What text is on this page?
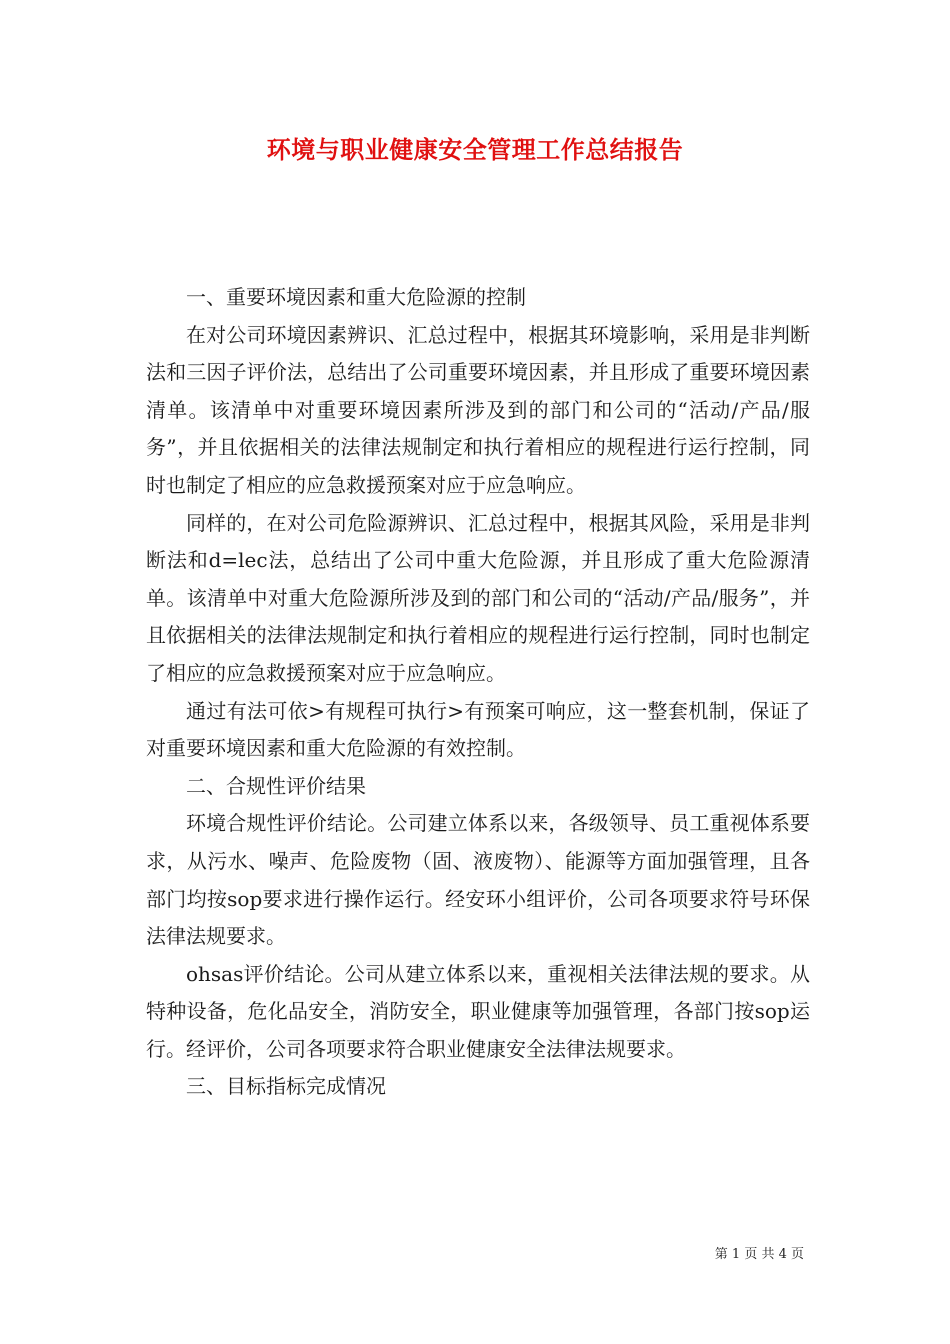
环境与职业健康安全管理工作总结报告

一、重要环境因素和重大危险源的控制

在对公司环境因素辨识、汇总过程中，根据其环境影响，采用是非判断法和三因子评价法，总结出了公司重要环境因素，并且形成了重要环境因素清单。该清单中对重要环境因素所涉及到的部门和公司的“活动/产品/服务”，并且依据相关的法律法规制定和执行着相应的规程进行运行控制，同时也制定了相应的应急救援预案对应于应急响应。

同样的，在对公司危险源辨识、汇总过程中，根据其风险，采用是非判断法和d=lec法，总结出了公司中重大危险源，并且形成了重大危险源清单。该清单中对重大危险源所涉及到的部门和公司的“活动/产品/服务”，并且依据相关的法律法规制定和执行着相应的规程进行运行控制，同时也制定了相应的应急救援预案对应于应急响应。

通过有法可依>有规程可执行>有预案可响应，这一整套机制，保证了对重要环境因素和重大危险源的有效控制。

二、合规性评价结果

环境合规性评价结论。公司建立体系以来，各级领导、员工重视体系要求，从污水、噪声、危险废物（固、液废物）、能源等方面加强管理，且各部门均按sop要求进行操作运行。经安环小组评价，公司各项要求符号环保法律法规要求。

ohsas评价结论。公司从建立体系以来，重视相关法律法规的要求。从特种设备，危化品安全，消防安全，职业健康等加强管理，各部门按sop运行。经评价，公司各项要求符合职业健康安全法律法规要求。

三、目标指标完成情况

第 1 页 共 4 页
